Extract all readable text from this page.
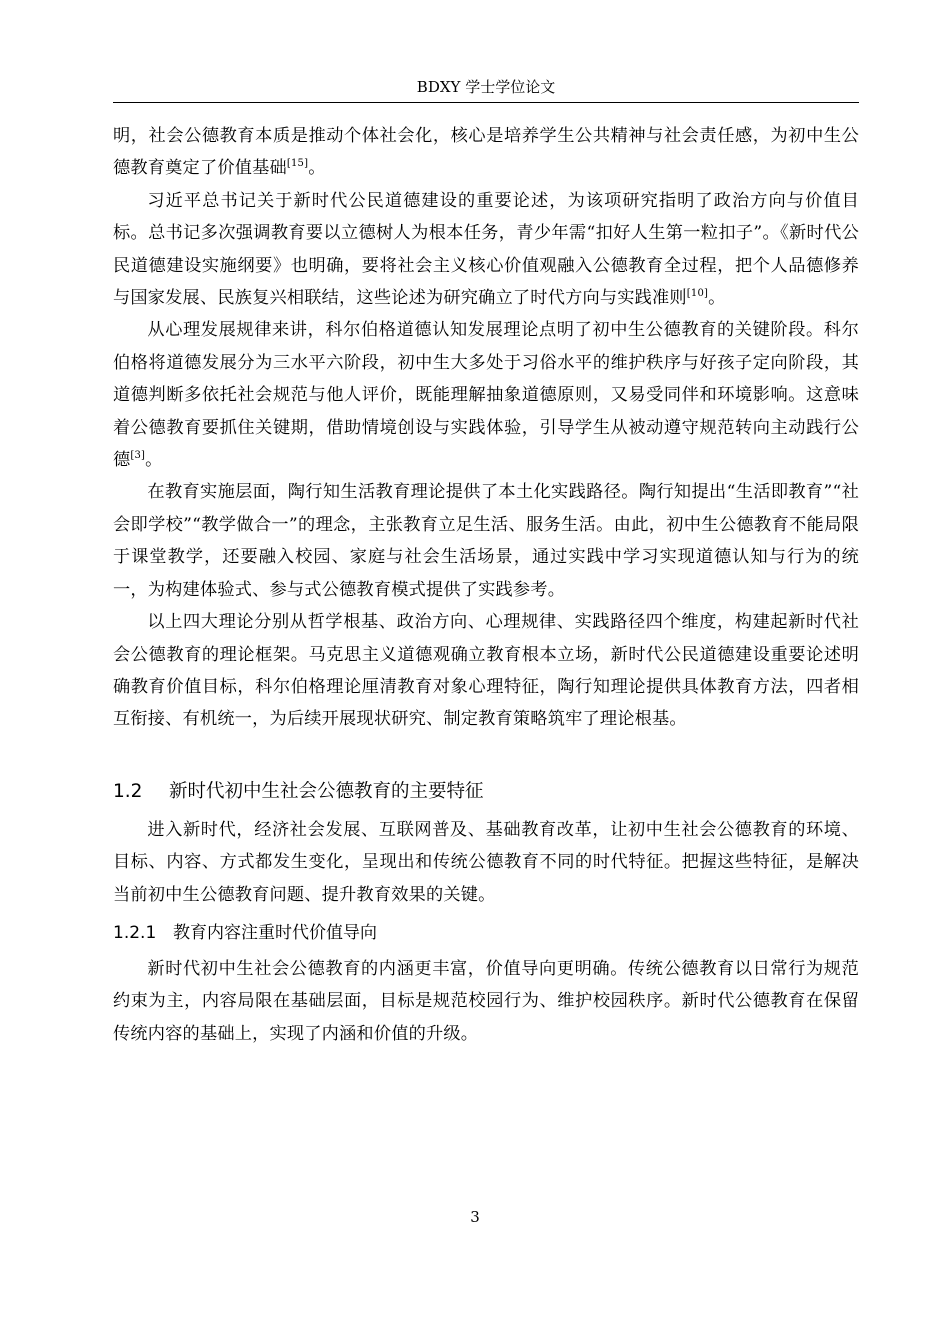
BDXY 学士学位论文

明，社会公德教育本质是推动个体社会化，核心是培养学生公共精神与社会责任感，为初中生公德教育奠定了价值基础[15]。

习近平总书记关于新时代公民道德建设的重要论述，为该项研究指明了政治方向与价值目标。总书记多次强调教育要以立德树人为根本任务，青少年需“扣好人生第一粒扣子”。《新时代公民道德建设实施纲要》也明确，要将社会主义核心价值观融入公德教育全过程，把个人品德修养与国家发展、民族复兴相联结，这些论述为研究确立了时代方向与实践准则[10]。

从心理发展规律来讲，科尔伯格道德认知发展理论点明了初中生公德教育的关键阶段。科尔伯格将道德发展分为三水平六阶段，初中生大多处于习俗水平的维护秩序与好孩子定向阶段，其道德判断多依托社会规范与他人评价，既能理解抽象道德原则，又易受同伴和环境影响。这意味着公德教育要抓住关键期，借助情境创设与实践体验，引导学生从被动遵守规范转向主动践行公德[3]。

在教育实施层面，陶行知生活教育理论提供了本土化实践路径。陶行知提出“生活即教育”“社会即学校”“教学做合一”的理念，主张教育立足生活、服务生活。由此，初中生公德教育不能局限于课堂教学，还要融入校园、家庭与社会生活场景，通过实践中学习实现道德认知与行为的统一，为构建体验式、参与式公德教育模式提供了实践参考。

以上四大理论分别从哲学根基、政治方向、心理规律、实践路径四个维度，构建起新时代社会公德教育的理论框架。马克思主义道德观确立教育根本立场，新时代公民道德建设重要论述明确教育价值目标，科尔伯格理论厘清教育对象心理特征，陶行知理论提供具体教育方法，四者相互衔接、有机统一，为后续开展现状研究、制定教育策略筑牢了理论根基。

1.2 新时代初中生社会公德教育的主要特征

进入新时代，经济社会发展、互联网普及、基础教育改革，让初中生社会公德教育的环境、目标、内容、方式都发生变化，呈现出和传统公德教育不同的时代特征。把握这些特征，是解决当前初中生公德教育问题、提升教育效果的关键。

1.2.1 教育内容注重时代价值导向

新时代初中生社会公德教育的内涵更丰富，价值导向更明确。传统公德教育以日常行为规范约束为主，内容局限在基础层面，目标是规范校园行为、维护校园秩序。新时代公德教育在保留传统内容的基础上，实现了内涵和价值的升级。

3
